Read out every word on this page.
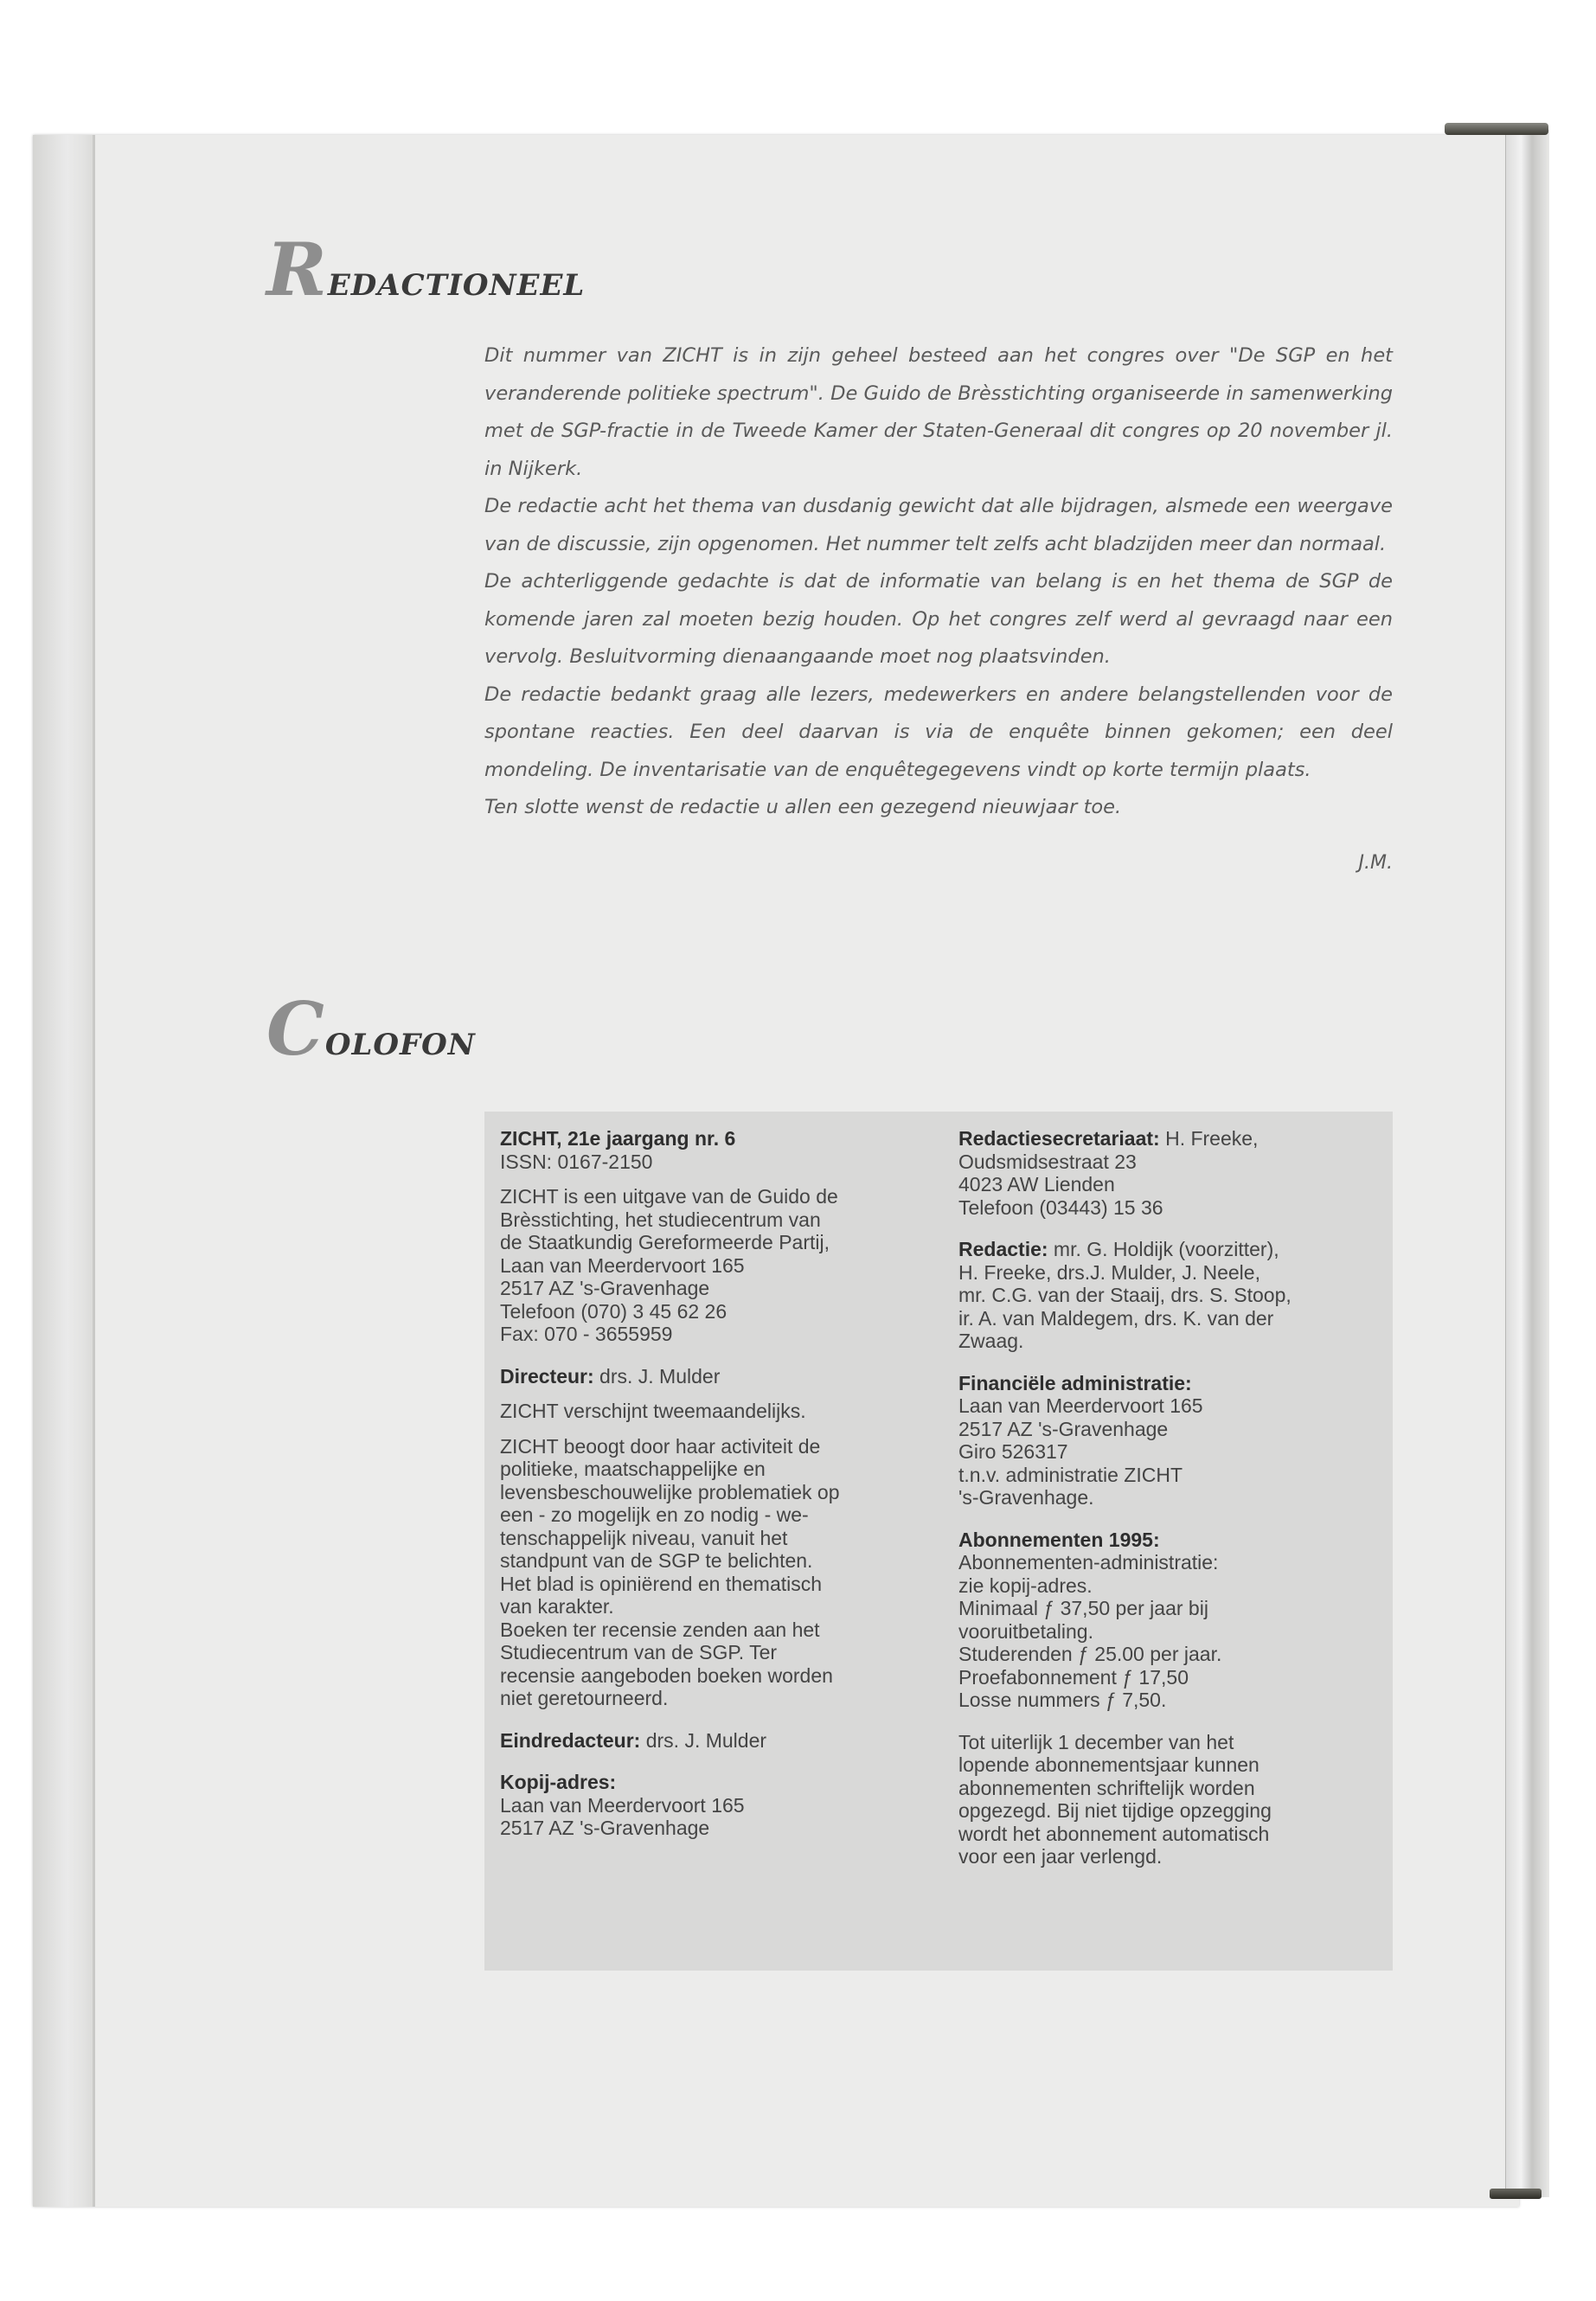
REDACTIONEEL

Dit nummer van ZICHT is in zijn geheel besteed aan het congres over "De SGP en het veranderende politieke spectrum". De Guido de Brèsstichting organiseerde in samenwerking met de SGP-fractie in de Tweede Kamer der Staten-Generaal dit congres op 20 november jl. in Nijkerk.

De redactie acht het thema van dusdanig gewicht dat alle bijdragen, alsmede een weergave van de discussie, zijn opgenomen. Het nummer telt zelfs acht bladzijden meer dan normaal.

De achterliggende gedachte is dat de informatie van belang is en het thema de SGP de komende jaren zal moeten bezig houden. Op het congres zelf werd al gevraagd naar een vervolg. Besluitvorming dienaangaande moet nog plaatsvinden.

De redactie bedankt graag alle lezers, medewerkers en andere belangstellenden voor de spontane reacties. Een deel daarvan is via de enquête binnen gekomen; een deel mondeling. De inventarisatie van de enquêtegegevens vindt op korte termijn plaats.

Ten slotte wenst de redactie u allen een gezegend nieuwjaar toe.

J.M.
COLOFON

ZICHT, 21e jaargang nr. 6

ISSN: 0167-2150

ZICHT is een uitgave van de Guido de

Brèsstichting, het studiecentrum van

de Staatkundig Gereformeerde Partij,

Laan van Meerdervoort 165

2517 AZ 's-Gravenhage

Telefoon (070) 3 45 62 26

Fax: 070 - 3655959

Directeur: drs. J. Mulder

ZICHT verschijnt tweemaandelijks.

ZICHT beoogt door haar activiteit de

politieke, maatschappelijke en

levensbeschouwelijke problematiek op

een - zo mogelijk en zo nodig - we-

tenschappelijk niveau, vanuit het

standpunt van de SGP te belichten.

Het blad is opiniërend en thematisch

van karakter.

Boeken ter recensie zenden aan het

Studiecentrum van de SGP. Ter

recensie aangeboden boeken worden

niet geretourneerd.

Eindredacteur: drs. J. Mulder

Kopij-adres:

Laan van Meerdervoort 165

2517 AZ 's-Gravenhage

Redactiesecretariaat: H. Freeke,

Oudsmidsestraat 23

4023 AW Lienden

Telefoon (03443) 15 36

Redactie: mr. G. Holdijk (voorzitter),

H. Freeke, drs.J. Mulder, J. Neele,

mr. C.G. van der Staaij, drs. S. Stoop,

ir. A. van Maldegem, drs. K. van der

Zwaag.

Financiële administratie:

Laan van Meerdervoort 165

2517 AZ 's-Gravenhage

Giro 526317

t.n.v. administratie ZICHT

's-Gravenhage.

Abonnementen 1995:

Abonnementen-administratie:

zie kopij-adres.

Minimaal ƒ 37,50 per jaar bij

vooruitbetaling.

Studerenden ƒ 25.00 per jaar.

Proefabonnement ƒ 17,50

Losse nummers ƒ 7,50.

Tot uiterlijk 1 december van het

lopende abonnementsjaar kunnen

abonnementen schriftelijk worden

opgezegd. Bij niet tijdige opzegging

wordt het abonnement automatisch

voor een jaar verlengd.
